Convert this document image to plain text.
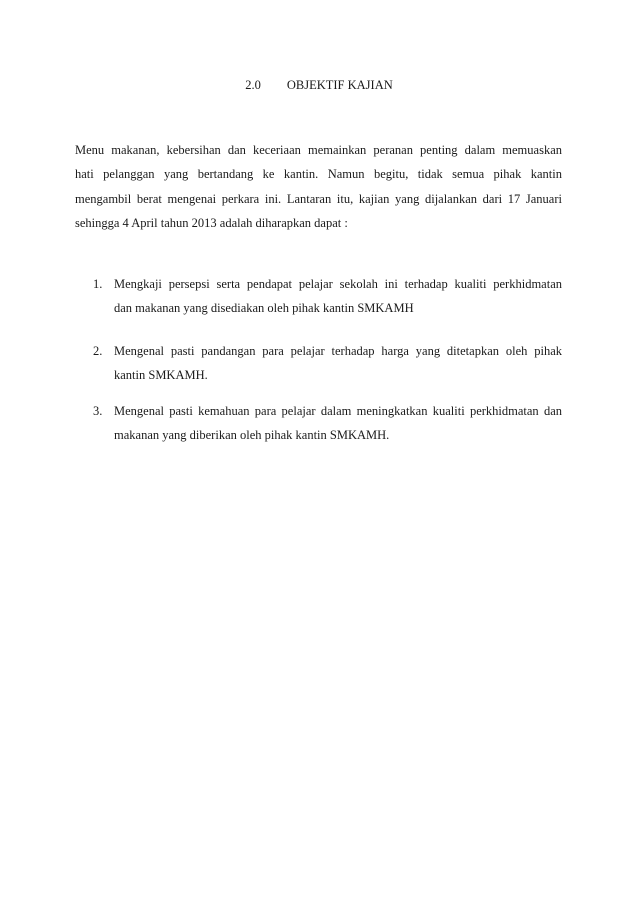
2.0 OBJEKTIF KAJIAN
Menu makanan, kebersihan dan keceriaan memainkan peranan penting dalam memuaskan
hati pelanggan yang bertandang ke kantin. Namun begitu, tidak semua pihak kantin
mengambil berat mengenai perkara ini. Lantaran itu, kajian yang dijalankan dari 17 Januari
sehingga 4 April tahun 2013 adalah diharapkan dapat :
1. Mengkaji persepsi serta pendapat pelajar sekolah ini terhadap kualiti perkhidmatan
dan makanan yang disediakan oleh pihak kantin SMKAMH
2. Mengenal pasti pandangan para pelajar terhadap harga yang ditetapkan oleh pihak
kantin SMKAMH.
3. Mengenal pasti kemahuan para pelajar dalam meningkatkan kualiti perkhidmatan dan
makanan yang diberikan oleh pihak kantin SMKAMH.
